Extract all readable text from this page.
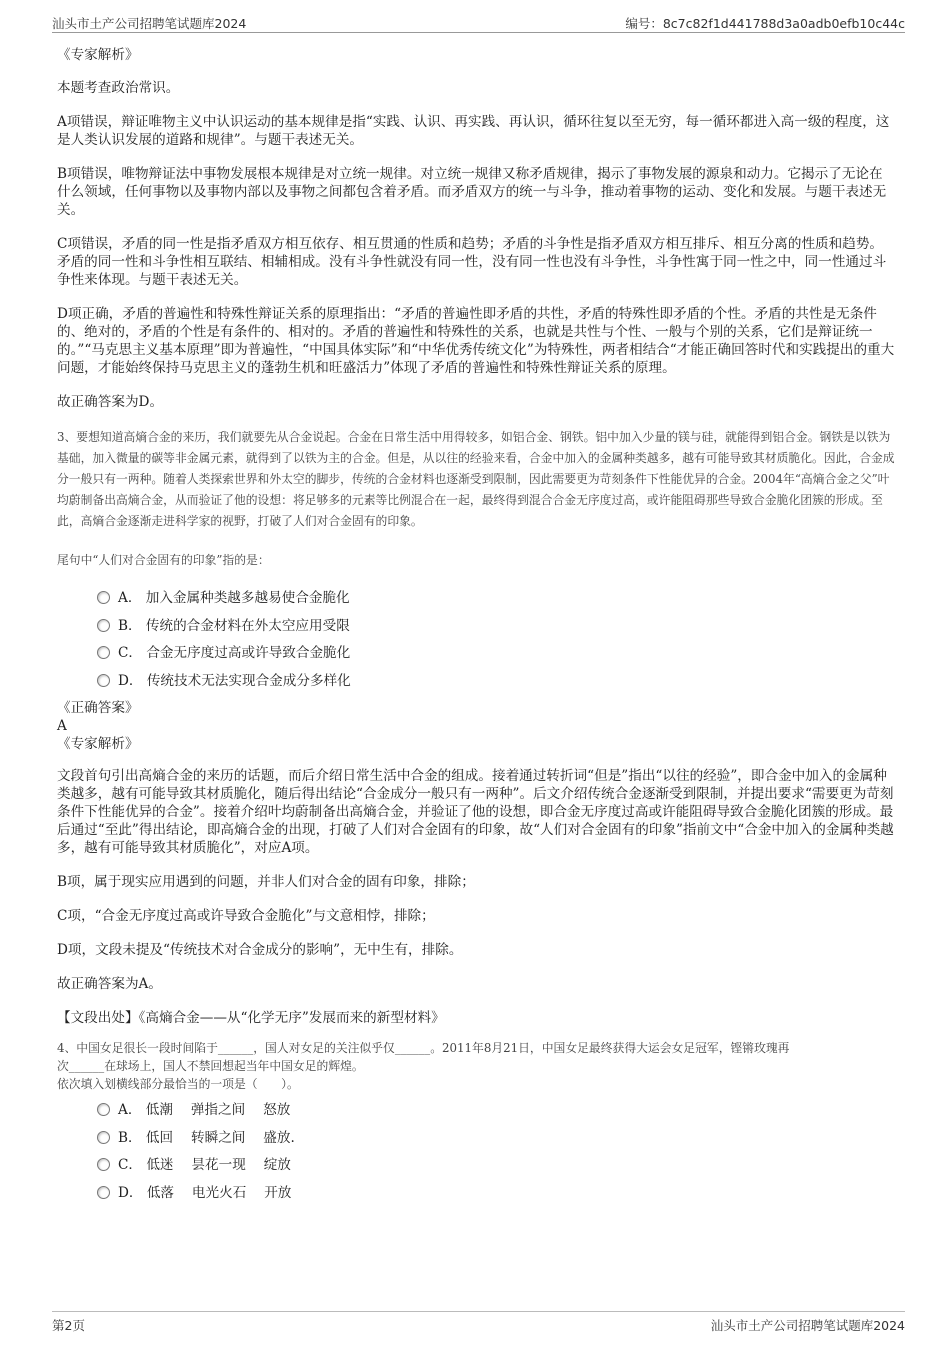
汕头市土产公司招聘笔试题库2024	编号：8c7c82f1d441788d3a0adb0efb10c44c

《专家解析》

本题考查政治常识。

A项错误，辩证唯物主义中认识运动的基本规律是指“实践、认识、再实践、再认识，循环往复以至无穷，每一循环都进入高一级的程度，这是人类认识发展的道路和规律”。与题干表述无关。

B项错误，唯物辩证法中事物发展根本规律是对立统一规律。对立统一规律又称矛盾规律，揭示了事物发展的源泉和动力。它揭示了无论在什么领域，任何事物以及事物内部以及事物之间都包含着矛盾。而矛盾双方的统一与斗争，推动着事物的运动、变化和发展。与题干表述无关。

C项错误，矛盾的同一性是指矛盾双方相互依存、相互贯通的性质和趋势；矛盾的斗争性是指矛盾双方相互排斥、相互分离的性质和趋势。矛盾的同一性和斗争性相互联结、相辅相成。没有斗争性就没有同一性，没有同一性也没有斗争性，斗争性寓于同一性之中，同一性通过斗争性来体现。与题干表述无关。

D项正确，矛盾的普遍性和特殊性辩证关系的原理指出：“矛盾的普遍性即矛盾的共性，矛盾的特殊性即矛盾的个性。矛盾的共性是无条件的、绝对的，矛盾的个性是有条件的、相对的。矛盾的普遍性和特殊性的关系，也就是共性与个性、一般与个别的关系，它们是辩证统一的。”“马克思主义基本原理”即为普遍性，“中国具体实际”和“中华优秀传统文化”为特殊性，两者相结合“才能正确回答时代和实践提出的重大问题，才能始终保持马克思主义的蓬勃生机和旺盛活力”体现了矛盾的普遍性和特殊性辩证关系的原理。

故正确答案为D。

3、要想知道高熵合金的来历，我们就要先从合金说起。合金在日常生活中用得较多，如铝合金、钢铁。铝中加入少量的镁与硅，就能得到铝合金。钢铁是以铁为基础，加入微量的碳等非金属元素，就得到了以铁为主的合金。但是，从以往的经验来看，合金中加入的金属种类越多，越有可能导致其材质脆化。因此，合金成分一般只有一两种。随着人类探索世界和外太空的脚步，传统的合金材料也逐渐受到限制，因此需要更为苛刻条件下性能优异的合金。2004年“高熵合金之父”叶均蔚制备出高熵合金，从而验证了他的设想：将足够多的元素等比例混合在一起，最终得到混合合金无序度过高，或许能阻碍那些导致合金脆化团簇的形成。至此，高熵合金逐渐走进科学家的视野，打破了人们对合金固有的印象。

尾句中“人们对合金固有的印象”指的是：

A． 加入金属种类越多越易使合金脆化
B． 传统的合金材料在外太空应用受限
C． 合金无序度过高或许导致合金脆化
D． 传统技术无法实现合金成分多样化

《正确答案》

A

《专家解析》

文段首句引出高熵合金的来历的话题，而后介绍日常生活中合金的组成。接着通过转折词“但是”指出“以往的经验”，即合金中加入的金属种类越多，越有可能导致其材质脆化，随后得出结论“合金成分一般只有一两种”。后文介绍传统合金逐渐受到限制，并提出要求“需要更为苛刻条件下性能优异的合金”。接着介绍叶均蔚制备出高熵合金，并验证了他的设想，即合金无序度过高或许能阻碍导致合金脆化团簇的形成。最后通过“至此”得出结论，即高熵合金的出现，打破了人们对合金固有的印象，故“人们对合金固有的印象”指前文中“合金中加入的金属种类越多，越有可能导致其材质脆化”，对应A项。

B项，属于现实应用遇到的问题，并非人们对合金的固有印象，排除；

C项，“合金无序度过高或许导致合金脆化”与文意相悖，排除；

D项，文段未提及“传统技术对合金成分的影响”，无中生有，排除。

故正确答案为A。

【文段出处】《高熵合金——从“化学无序”发展而来的新型材料》

4、中国女足很长一段时间陷于______，国人对女足的关注似乎仅______。2011年8月21日，中国女足最终获得大运会女足冠军，铿锵玫瑰再

次______在球场上，国人不禁回想起当年中国女足的辉煌。

依次填入划横线部分最恰当的一项是（　　）。

A． 低潮　 弹指之间　 怒放
B． 低回　 转瞬之间　 盛放.
C． 低迷　 昙花一现　 绽放
D． 低落　 电光火石　 开放
第2页	汕头市土产公司招聘笔试题库2024
